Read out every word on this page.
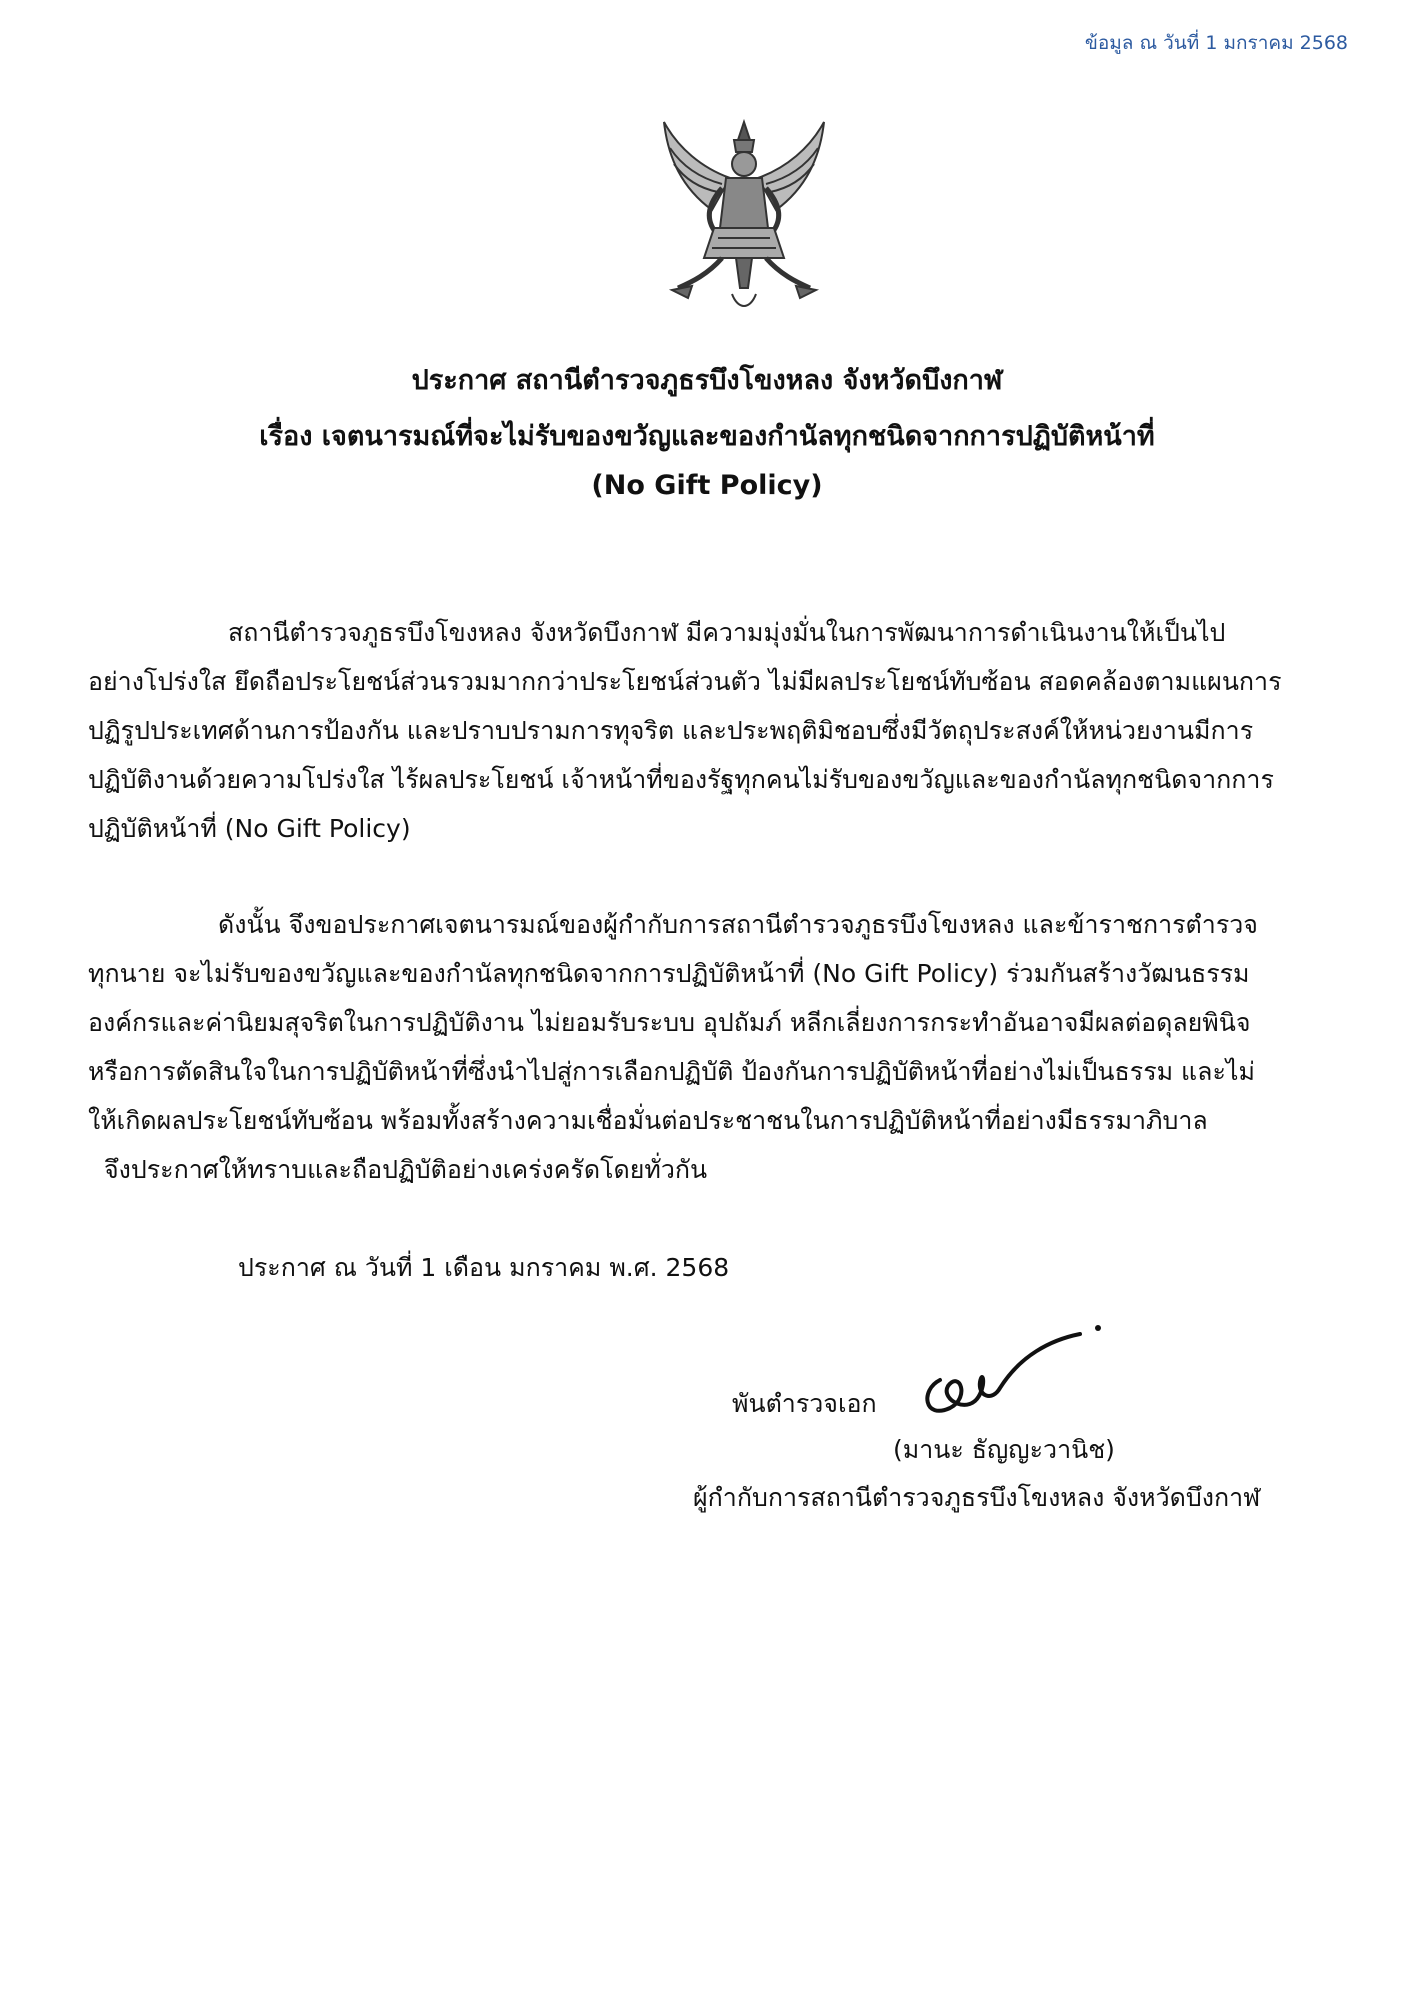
ข้อมูล ณ วันที่ 1 มกราคม 2568
ประกาศ สถานีตำรวจภูธรบึงโขงหลง จังหวัดบึงกาฬ
เรื่อง เจตนารมณ์ที่จะไม่รับของขวัญและของกำนัลทุกชนิดจากการปฏิบัติหน้าที่
(No Gift Policy)
สถานีตำรวจภูธรบึงโขงหลง จังหวัดบึงกาฬ มีความมุ่งมั่นในการพัฒนาการดำเนินงานให้เป็นไป
อย่างโปร่งใส ยึดถือประโยชน์ส่วนรวมมากกว่าประโยชน์ส่วนตัว ไม่มีผลประโยชน์ทับซ้อน สอดคล้องตามแผนการ
ปฏิรูปประเทศด้านการป้องกัน และปราบปรามการทุจริต และประพฤติมิชอบซึ่งมีวัตถุประสงค์ให้หน่วยงานมีการ
ปฏิบัติงานด้วยความโปร่งใส ไร้ผลประโยชน์ เจ้าหน้าที่ของรัฐทุกคนไม่รับของขวัญและของกำนัลทุกชนิดจากการ
ปฏิบัติหน้าที่ (No Gift Policy)
ดังนั้น จึงขอประกาศเจตนารมณ์ของผู้กำกับการสถานีตำรวจภูธรบึงโขงหลง และข้าราชการตำรวจ
ทุกนาย จะไม่รับของขวัญและของกำนัลทุกชนิดจากการปฏิบัติหน้าที่ (No Gift Policy) ร่วมกันสร้างวัฒนธรรม
องค์กรและค่านิยมสุจริตในการปฏิบัติงาน ไม่ยอมรับระบบ อุปถัมภ์ หลีกเลี่ยงการกระทำอันอาจมีผลต่อดุลยพินิจ
หรือการตัดสินใจในการปฏิบัติหน้าที่ซึ่งนำไปสู่การเลือกปฏิบัติ ป้องกันการปฏิบัติหน้าที่อย่างไม่เป็นธรรม และไม่
ให้เกิดผลประโยชน์ทับซ้อน พร้อมทั้งสร้างความเชื่อมั่นต่อประชาชนในการปฏิบัติหน้าที่อย่างมีธรรมาภิบาล
จึงประกาศให้ทราบและถือปฏิบัติอย่างเคร่งครัดโดยทั่วกัน
ประกาศ ณ วันที่ 1 เดือน มกราคม พ.ศ. 2568
พันตำรวจเอก
(มานะ ธัญญะวานิช)
ผู้กำกับการสถานีตำรวจภูธรบึงโขงหลง จังหวัดบึงกาฬ
